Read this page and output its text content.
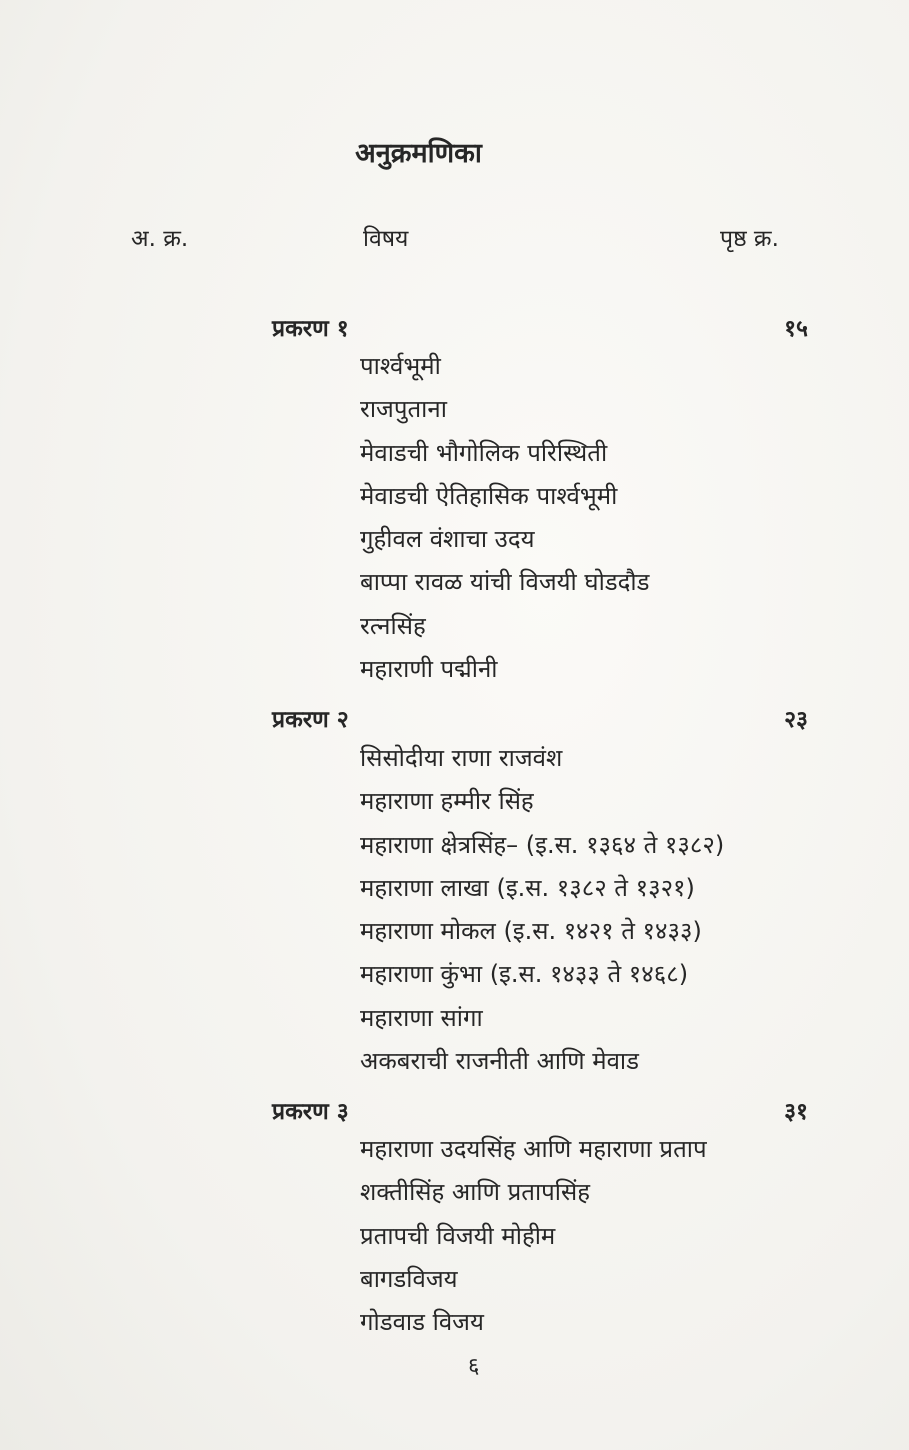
अनुक्रमणिका
अ. क्र.	विषय	पृष्ठ क्र.
प्रकरण १	१५
पार्श्वभूमी
राजपुताना
मेवाडची भौगोलिक परिस्थिती
मेवाडची ऐतिहासिक पार्श्वभूमी
गुहीवल वंशाचा उदय
बाप्पा रावळ यांची विजयी घोडदौड
रत्नसिंह
महाराणी पद्मीनी
प्रकरण २	२३
सिसोदीया राणा राजवंश
महाराणा हम्मीर सिंह
महाराणा क्षेत्रसिंह– (इ.स. १३६४ ते १३८२)
महाराणा लाखा (इ.स. १३८२ ते १३२१)
महाराणा मोकल (इ.स. १४२१ ते १४३३)
महाराणा कुंभा (इ.स. १४३३ ते १४६८)
महाराणा सांगा
अकबराची राजनीती आणि मेवाड
प्रकरण ३	३१
महाराणा उदयसिंह आणि महाराणा प्रताप
शक्तीसिंह आणि प्रतापसिंह
प्रतापची विजयी मोहीम
बागडविजय
गोडवाड विजय
६
